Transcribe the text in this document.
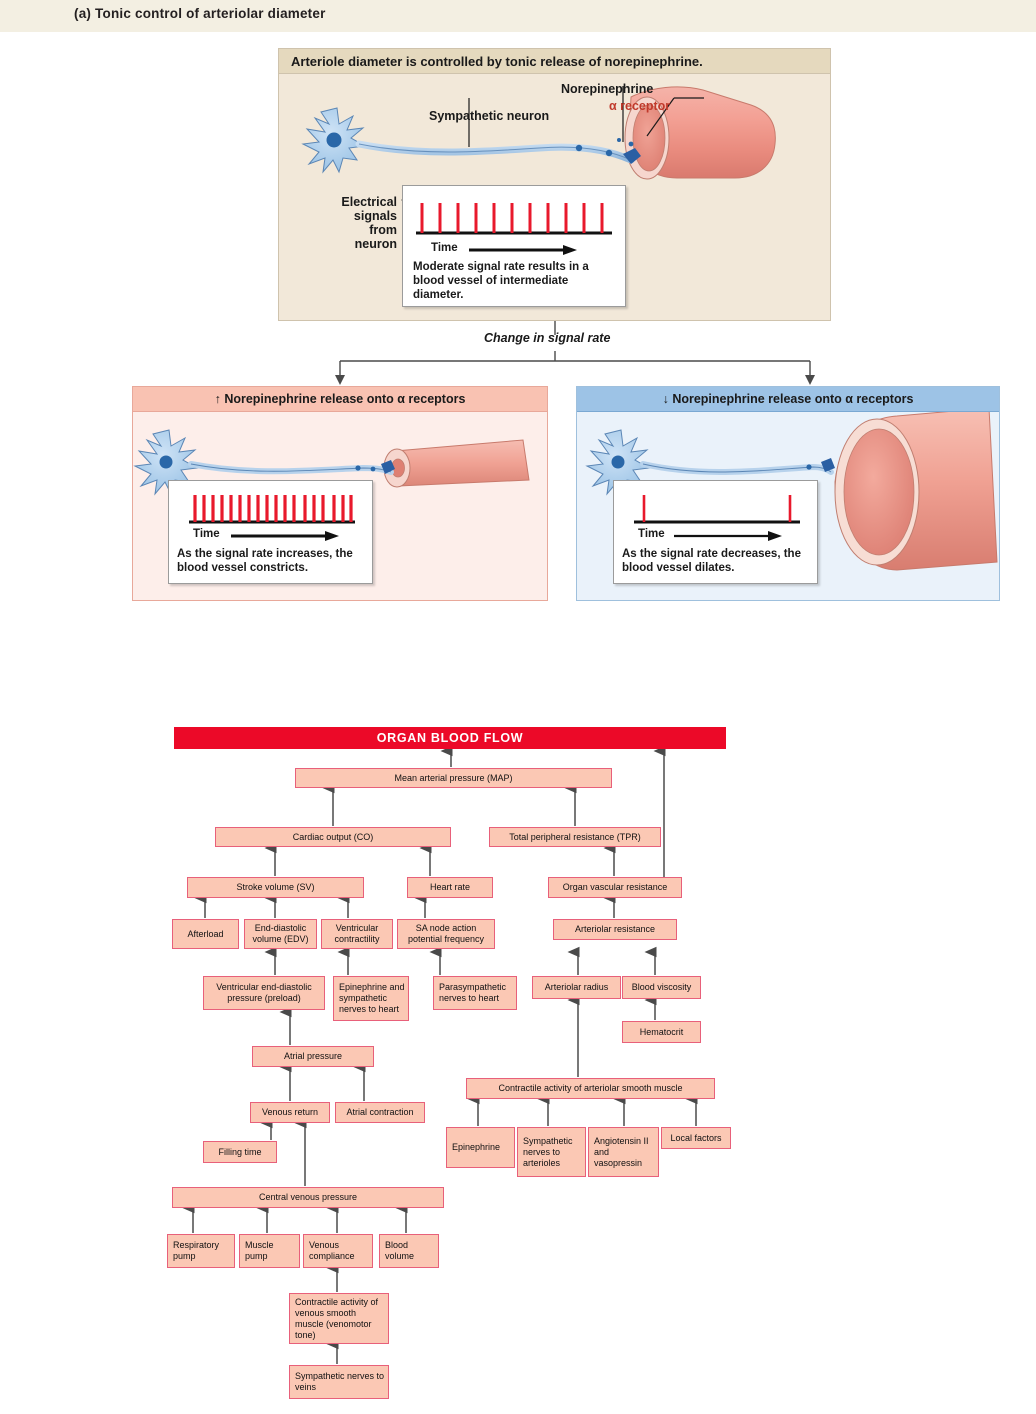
(a) Tonic control of arteriolar diameter
Arteriole diameter is controlled by tonic release of norepinephrine.
Sympathetic neuron
Norepinephrine
α receptor
Electrical
signals
from
neuron	Time
Moderate signal rate results in a blood vessel of intermediate diameter.
Change in signal rate
↑ Norepinephrine release onto α receptors
Time
As the signal rate increases, the blood vessel constricts.
↓ Norepinephrine release onto α receptors
Time
As the signal rate decreases, the blood vessel dilates.
ORGAN BLOOD FLOW
Mean arterial pressure (MAP)
Cardiac output (CO)	Total peripheral resistance (TPR)
Stroke volume (SV)	Heart rate	Organ vascular resistance
Afterload
End-diastolic volume (EDV)
Ventricular contractility
SA node action potential frequency
Arteriolar resistance
Ventricular end-diastolic pressure (preload)
Epinephrine and sympathetic nerves to heart
Parasympathetic nerves to heart
Arteriolar radius	Blood viscosity
Hematocrit
Atrial pressure
Contractile activity of arteriolar smooth muscle
Venous return	Atrial contraction
Epinephrine
Sympathetic nerves to arterioles
Angiotensin II and vasopressin
Local factors
Filling time
Central venous pressure
Respiratory pump
Muscle pump
Venous compliance
Blood volume
Contractile activity of venous smooth muscle (venomotor tone)
Sympathetic nerves to veins
